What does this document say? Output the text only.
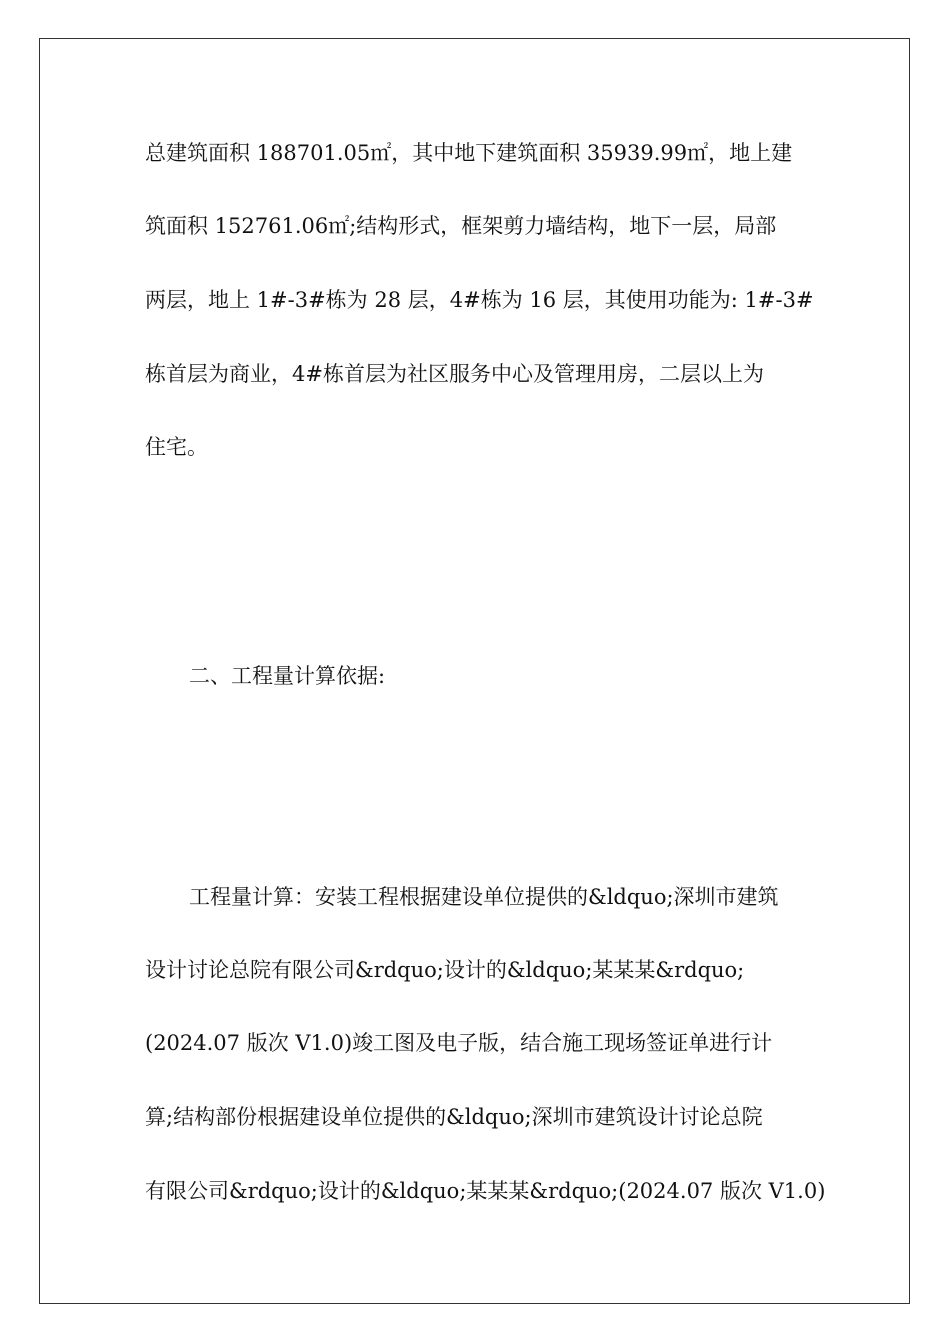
总建筑面积 188701.05㎡，其中地下建筑面积 35939.99㎡，地上建
筑面积 152761.06㎡;结构形式，框架剪力墙结构，地下一层，局部
两层，地上 1#-3#栋为 28 层，4#栋为 16 层，其使用功能为: 1#-3#
栋首层为商业，4#栋首层为社区服务中心及管理用房，二层以上为
住宅。
二、工程量计算依据:
工程量计算：安装工程根据建设单位提供的&ldquo;深圳市建筑
设计讨论总院有限公司&rdquo;设计的&ldquo;某某某&rdquo;
(2024.07 版次 V1.0)竣工图及电子版，结合施工现场签证单进行计
算;结构部份根据建设单位提供的&ldquo;深圳市建筑设计讨论总院
有限公司&rdquo;设计的&ldquo;某某某&rdquo;(2024.07 版次 V1.0)
